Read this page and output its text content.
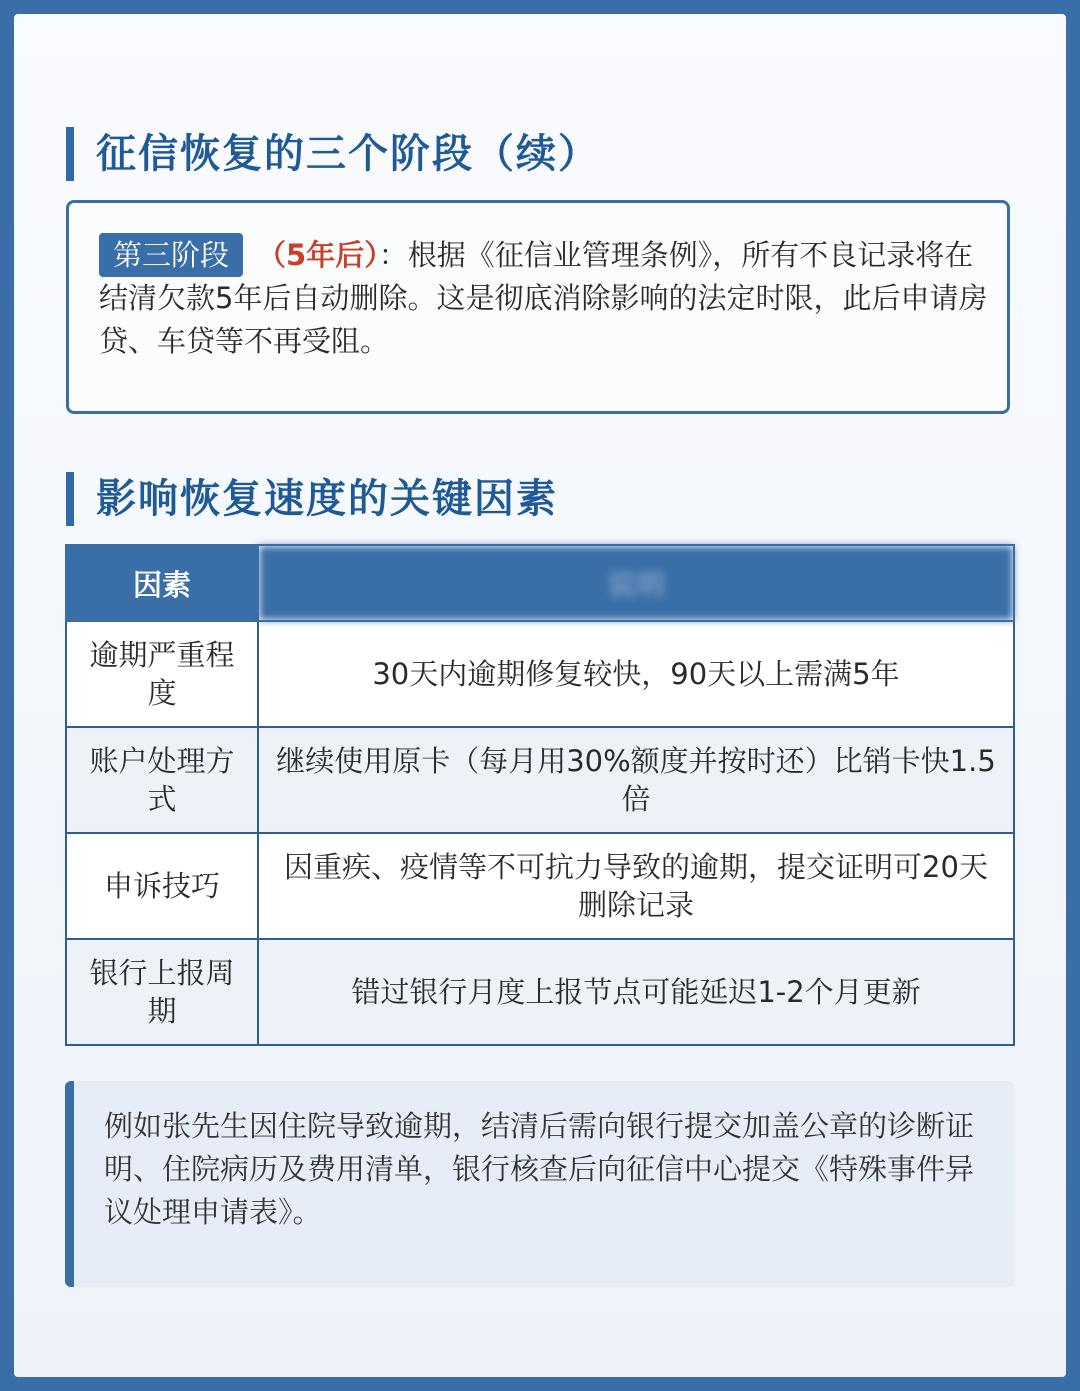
征信恢复的三个阶段（续）
第三阶段 （5年后）：根据《征信业管理条例》，所有不良记录将在结清欠款5年后自动删除。这是彻底消除影响的法定时限，此后申请房贷、车贷等不再受阻。
影响恢复速度的关键因素
因素	说明
逾期严重程度	30天内逾期修复较快，90天以上需满5年
账户处理方式	继续使用原卡（每月用30%额度并按时还）比销卡快1.5倍
申诉技巧	因重疾、疫情等不可抗力导致的逾期，提交证明可20天删除记录
银行上报周期	错过银行月度上报节点可能延迟1-2个月更新
例如张先生因住院导致逾期，结清后需向银行提交加盖公章的诊断证明、住院病历及费用清单，银行核查后向征信中心提交《特殊事件异议处理申请表》。
